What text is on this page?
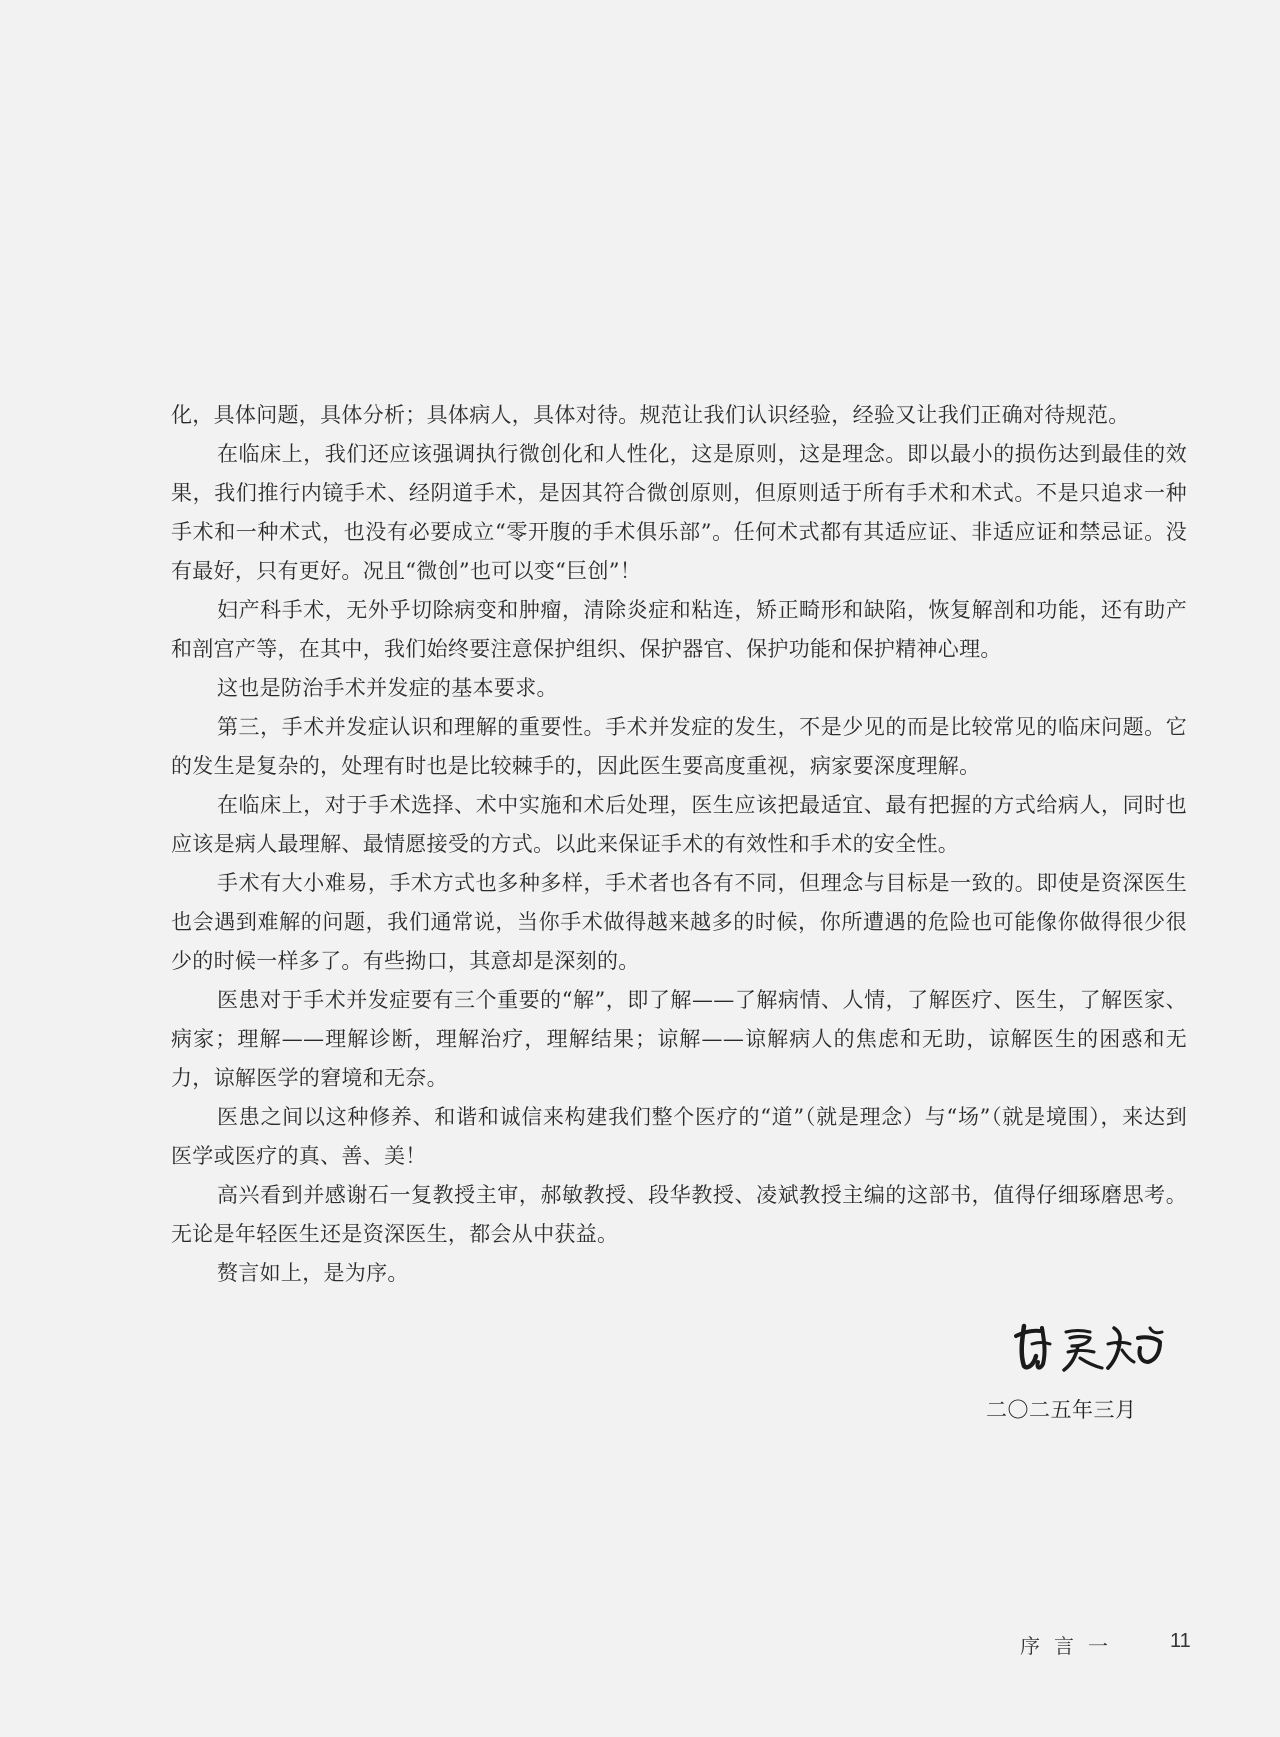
化，具体问题，具体分析；具体病人，具体对待。规范让我们认识经验，经验又让我们正确对待规范。

在临床上，我们还应该强调执行微创化和人性化，这是原则，这是理念。即以最小的损伤达到最佳的效果，我们推行内镜手术、经阴道手术，是因其符合微创原则，但原则适于所有手术和术式。不是只追求一种手术和一种术式，也没有必要成立“零开腹的手术俱乐部”。任何术式都有其适应证、非适应证和禁忌证。没有最好，只有更好。况且“微创”也可以变“巨创”！

妇产科手术，无外乎切除病变和肿瘤，清除炎症和粘连，矫正畸形和缺陷，恢复解剖和功能，还有助产和剖宫产等，在其中，我们始终要注意保护组织、保护器官、保护功能和保护精神心理。

这也是防治手术并发症的基本要求。

第三，手术并发症认识和理解的重要性。手术并发症的发生，不是少见的而是比较常见的临床问题。它的发生是复杂的，处理有时也是比较棘手的，因此医生要高度重视，病家要深度理解。

在临床上，对于手术选择、术中实施和术后处理，医生应该把最适宜、最有把握的方式给病人，同时也应该是病人最理解、最情愿接受的方式。以此来保证手术的有效性和手术的安全性。

手术有大小难易，手术方式也多种多样，手术者也各有不同，但理念与目标是一致的。即使是资深医生也会遇到难解的问题，我们通常说，当你手术做得越来越多的时候，你所遭遇的危险也可能像你做得很少很少的时候一样多了。有些拗口，其意却是深刻的。

医患对于手术并发症要有三个重要的“解”，即了解——了解病情、人情，了解医疗、医生，了解医家、病家；理解——理解诊断，理解治疗，理解结果；谅解——谅解病人的焦虑和无助，谅解医生的困惑和无力，谅解医学的窘境和无奈。

医患之间以这种修养、和谐和诚信来构建我们整个医疗的“道”（就是理念）与“场”（就是境围），来达到医学或医疗的真、善、美！

高兴看到并感谢石一复教授主审，郝敏教授、段华教授、凌斌教授主编的这部书，值得仔细琢磨思考。无论是年轻医生还是资深医生，都会从中获益。

赘言如上，是为序。

二〇二五年三月
序言一 11
